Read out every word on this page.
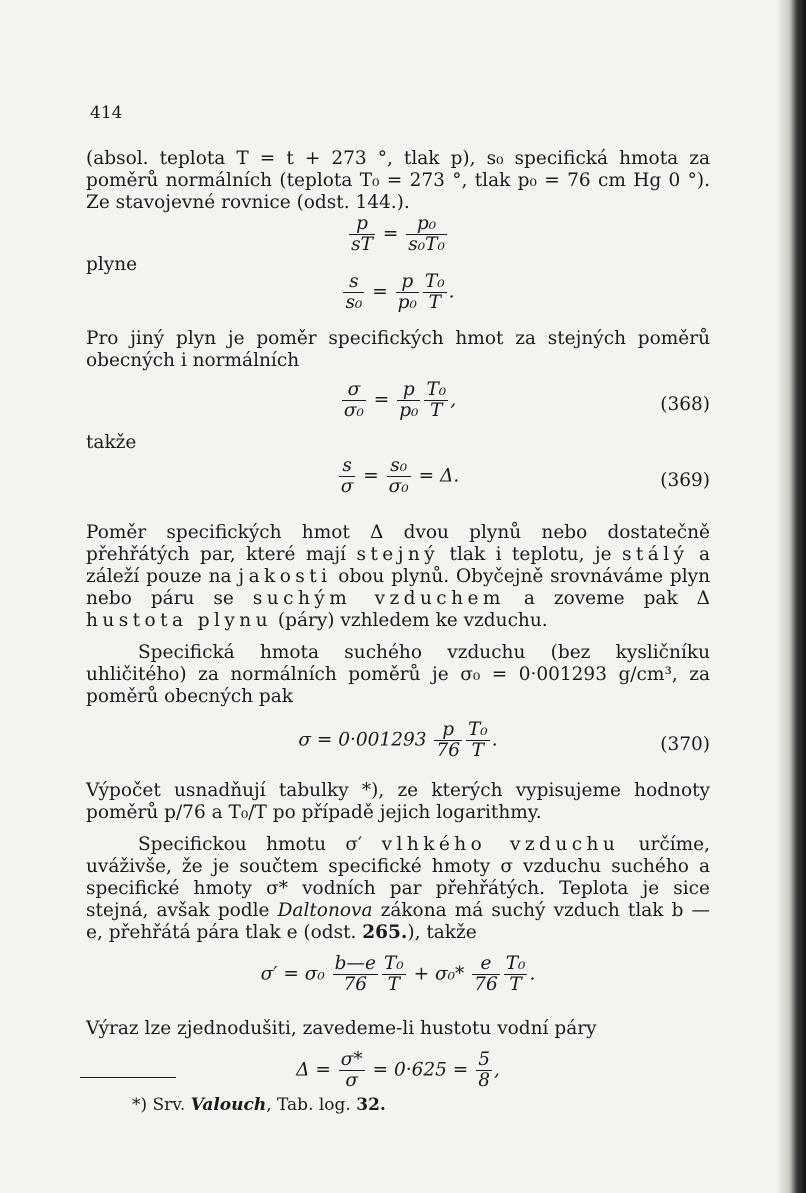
414

(absol. teplota T = t + 273 °, tlak p), s₀ specifická hmota za poměrů normálních (teplota T₀ = 273 °, tlak p₀ = 76 cm Hg 0 °). Ze stavojevné rovnice (odst. 144.).

$\frac{p}{sT} = \frac{\text{p₀}}{\text{s₀T₀}}$
plyne
$\frac{s}{\text{s₀}} = \frac{p}{\text{p₀}} \frac{\text{T₀}}{T}$ .

Pro jiný plyn je poměr specifických hmot za stejných poměrů obecných i normálních

$\frac{\sigma}{\text{σ₀}} = \frac{p}{\text{p₀}} \frac{\text{T₀}}{T}$ ,	(368)
takže
$\frac{s}{\sigma} = \frac{\text{s₀}}{\text{σ₀}} = \Delta$.	(369)

Poměr specifických hmot Δ dvou plynů nebo dostatečně přehřátých par, které mají stejný tlak i teplotu, je stálý a záleží pouze na jakosti obou plynů. Obyčejně srovnáváme plyn nebo páru se suchým vzduchem a zoveme pak Δ hustota plynu (páry) vzhledem ke vzduchu.

Specifická hmota suchého vzduchu (bez kysličníku uhličitého) za normálních poměrů je σ₀ = 0·001293 g/cm³, za poměrů obecných pak

$\sigma = 0\cdot 001293 \frac{p}{76} \frac{\text{T₀}}{T}$ .	(370)

Výpočet usnadňují tabulky *), ze kterých vypisujeme hodnoty poměrů p/76 a T₀/T po případě jejich logarithmy.

Specifickou hmotu σ′ vlhkého vzduchu určíme, uváživše, že je součtem specifické hmoty σ vzduchu suchého a specifické hmoty σ* vodních par přehřátých. Teplota je sice stejná, avšak podle Daltonova zákona má suchý vzduch tlak b — e, přehřátá pára tlak e (odst. 265.), takže

$\sigma' = \sigma_0 \frac{b—e}{76} \frac{\text{T₀}}{T} + \sigma_0* \frac{e}{76} \frac{\text{T₀}}{T}$ .

Výraz lze zjednodušiti, zavedeme-li hustotu vodní páry

$\Delta = \frac{\sigma*}{\sigma} = 0\cdot 625 = \frac{5}{8}$ ,
*) Srv. Valouch, Tab. log. 32.
